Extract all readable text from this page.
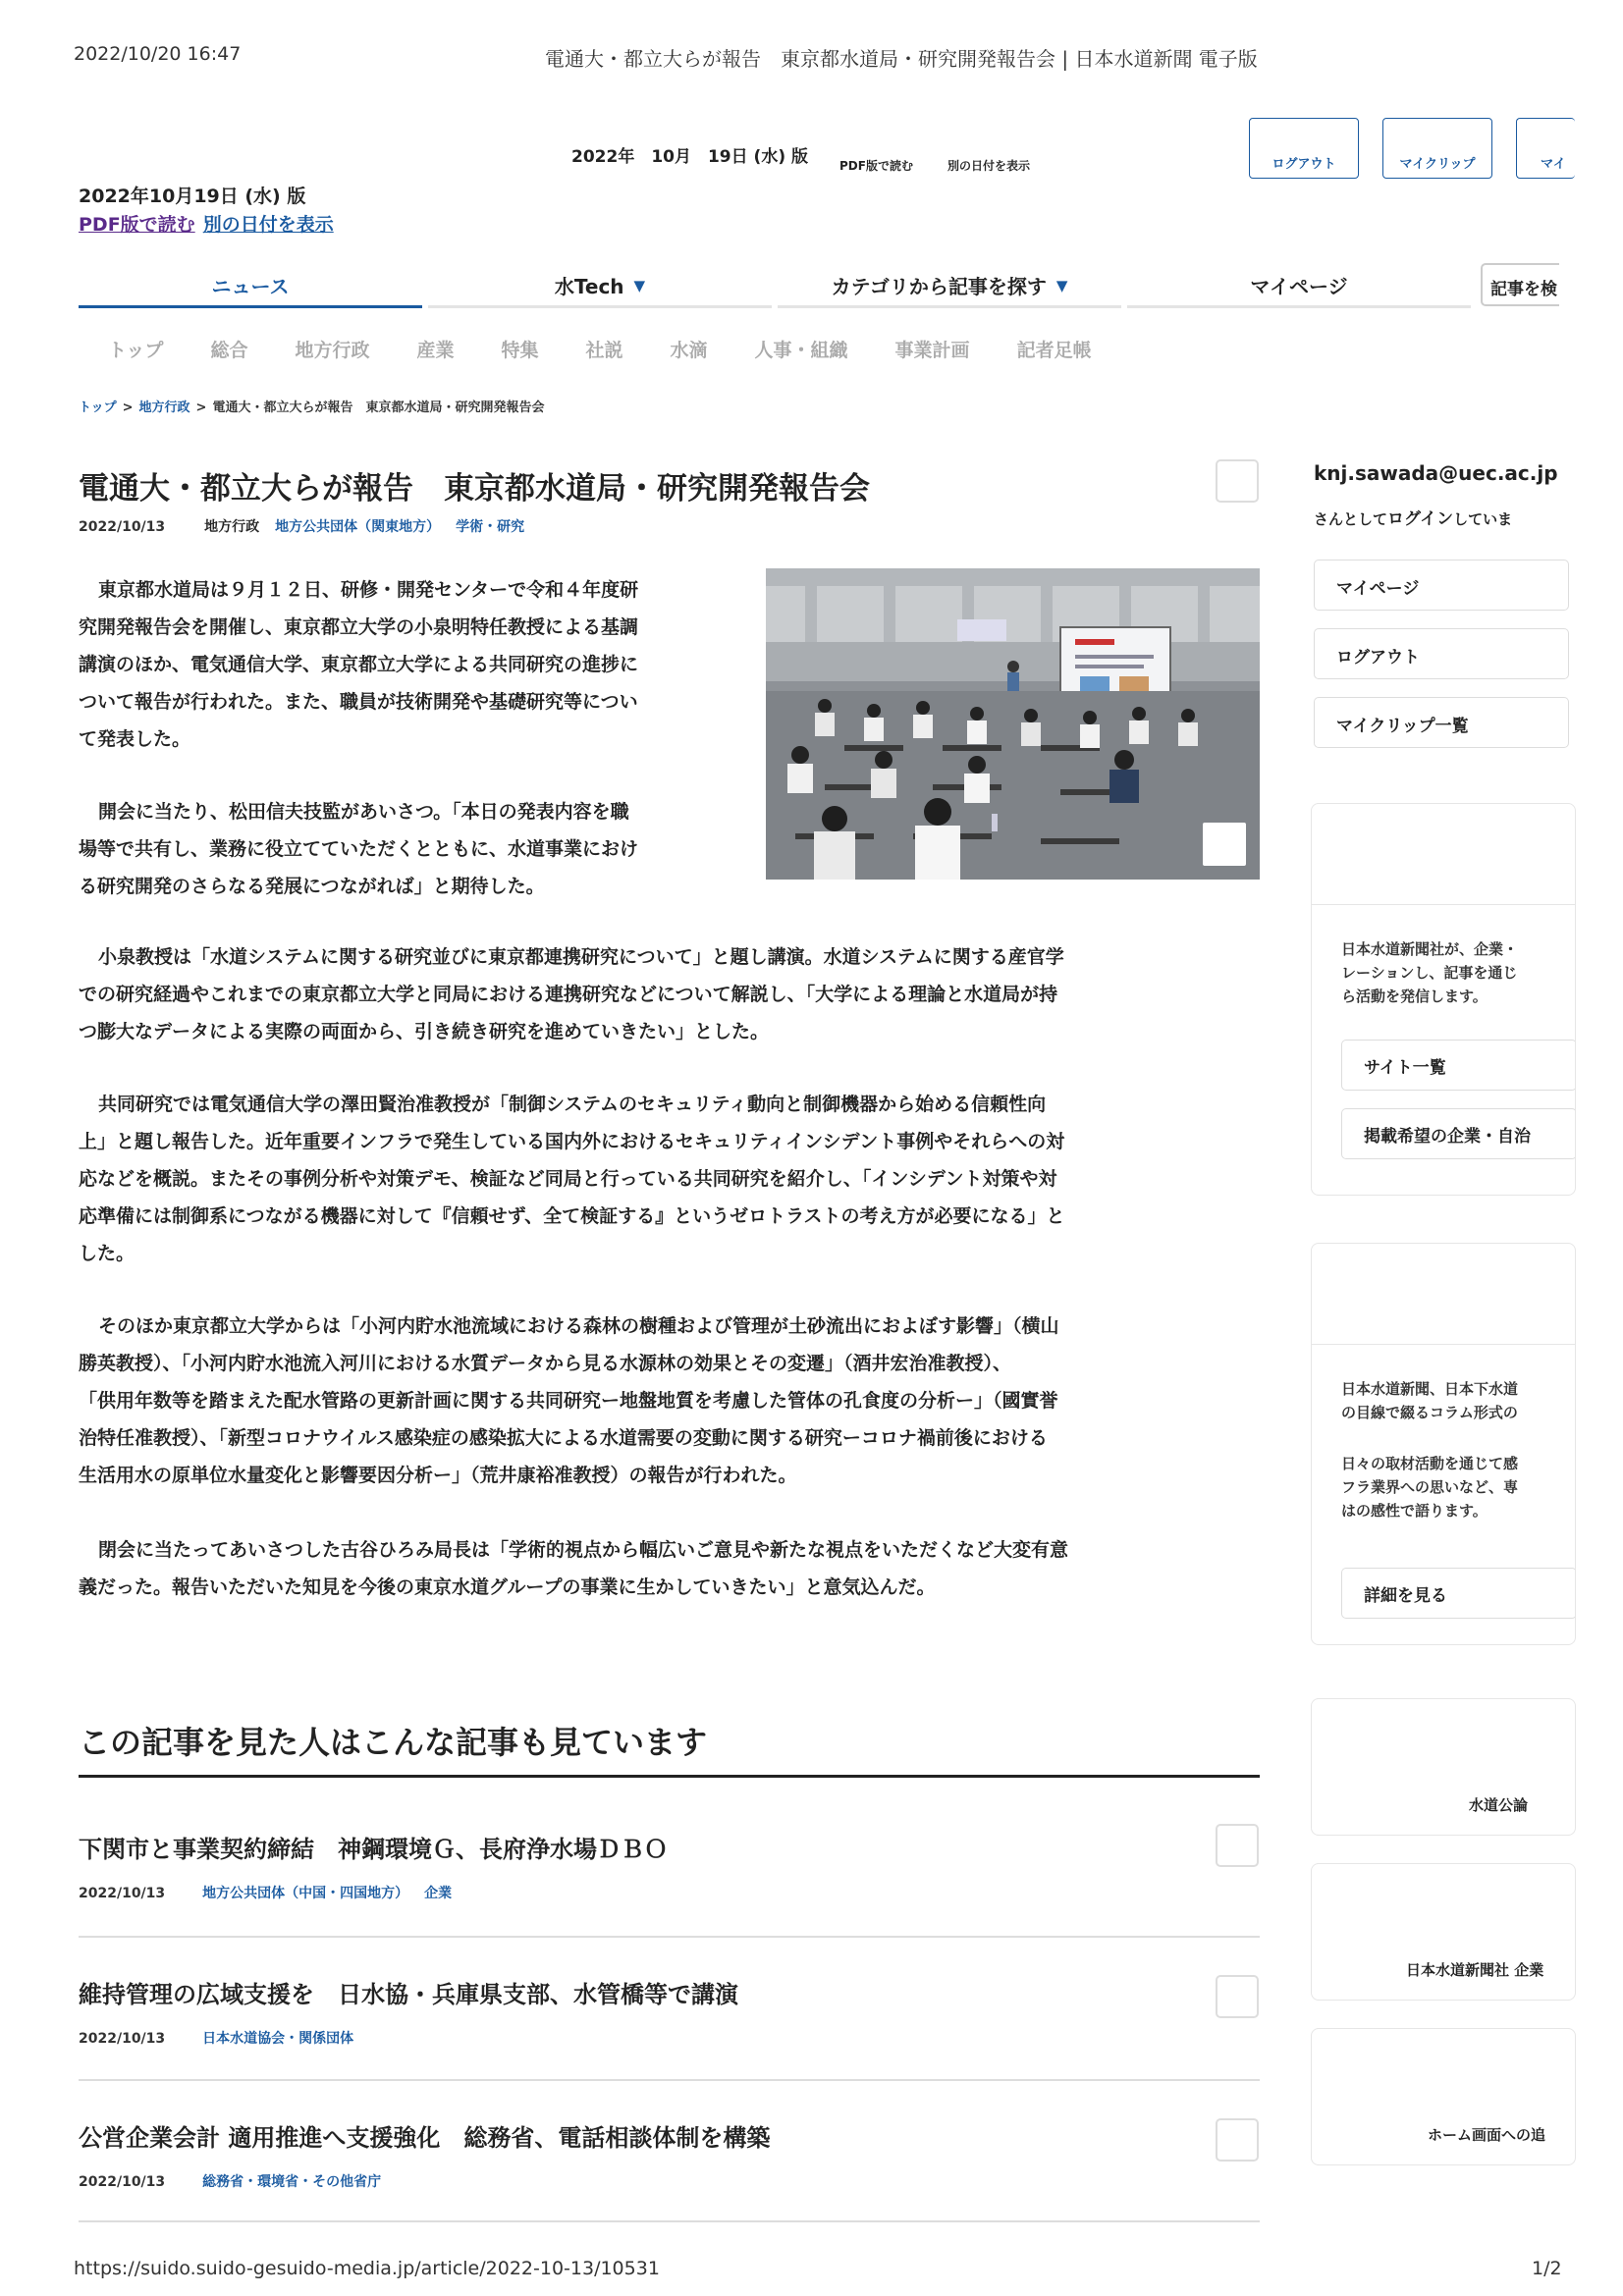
2022/10/20 16:47	電通大・都立大らが報告　東京都水道局・研究開発報告会 | 日本水道新聞 電子版
2022年　10月　19日 (水) 版	PDF版で読む	別の日付を表示	ログアウト	マイクリップ	マイ
2022年10月19日 (水) 版
PDF版で読む 別の日付を表示
ニュース	水Tech ▼	カテゴリから記事を探す ▼	マイページ	記事を検
トップ	総合	地方行政	産業	特集	社説	水滴	人事・組織	事業計画	記者足帳
トップ > 地方行政 > 電通大・都立大らが報告　東京都水道局・研究開発報告会
電通大・都立大らが報告　東京都水道局・研究開発報告会
2022/10/13	地方行政 地方公共団体（関東地方） 学術・研究
東京都水道局は９月１２日、研修・開発センターで令和４年度研
究開発報告会を開催し、東京都立大学の小泉明特任教授による基調
講演のほか、電気通信大学、東京都立大学による共同研究の進捗に
ついて報告が行われた。また、職員が技術開発や基礎研究等につい
て発表した。
開会に当たり、松田信夫技監があいさつ。「本日の発表内容を職
場等で共有し、業務に役立てていただくとともに、水道事業におけ
る研究開発のさらなる発展につながれば」と期待した。
小泉教授は「水道システムに関する研究並びに東京都連携研究について」と題し講演。水道システムに関する産官学
での研究経過やこれまでの東京都立大学と同局における連携研究などについて解説し、「大学による理論と水道局が持
つ膨大なデータによる実際の両面から、引き続き研究を進めていきたい」とした。
共同研究では電気通信大学の澤田賢治准教授が「制御システムのセキュリティ動向と制御機器から始める信頼性向
上」と題し報告した。近年重要インフラで発生している国内外におけるセキュリティインシデント事例やそれらへの対
応などを概説。またその事例分析や対策デモ、検証など同局と行っている共同研究を紹介し、「インシデント対策や対
応準備には制御系につながる機器に対して『信頼せず、全て検証する』というゼロトラストの考え方が必要になる」と
した。
そのほか東京都立大学からは「小河内貯水池流域における森林の樹種および管理が土砂流出におよぼす影響」（横山
勝英教授）、「小河内貯水池流入河川における水質データから見る水源林の効果とその変遷」（酒井宏治准教授）、
「供用年数等を踏まえた配水管路の更新計画に関する共同研究ー地盤地質を考慮した管体の孔食度の分析ー」（國實誉
治特任准教授）、「新型コロナウイルス感染症の感染拡大による水道需要の変動に関する研究ーコロナ禍前後における
生活用水の原単位水量変化と影響要因分析ー」（荒井康裕准教授）の報告が行われた。
閉会に当たってあいさつした古谷ひろみ局長は「学術的視点から幅広いご意見や新たな視点をいただくなど大変有意
義だった。報告いただいた知見を今後の東京水道グループの事業に生かしていきたい」と意気込んだ。
この記事を見た人はこんな記事も見ています
下関市と事業契約締結　神鋼環境Ｇ、長府浄水場ＤＢＯ
2022/10/13	地方公共団体（中国・四国地方） 企業
維持管理の広域支援を　日水協・兵庫県支部、水管橋等で講演
2022/10/13	日本水道協会・関係団体
公営企業会計 適用推進へ支援強化　総務省、電話相談体制を構築
2022/10/13	総務省・環境省・その他省庁
knj.sawada@uec.ac.jp
さんとしてログインしていま
マイページ
ログアウト
マイクリップ一覧
日本水道新聞社が、企業・
レーションし、記事を通じ
ら活動を発信します。
サイト一覧
掲載希望の企業・自治
日本水道新聞、日本下水道
の目線で綴るコラム形式の
日々の取材活動を通じて感
フラ業界への思いなど、専
はの感性で語ります。
詳細を見る
水道公論
日本水道新聞社 企業
ホーム画面への追
https://suido.suido-gesuido-media.jp/article/2022-10-13/10531	1/2
